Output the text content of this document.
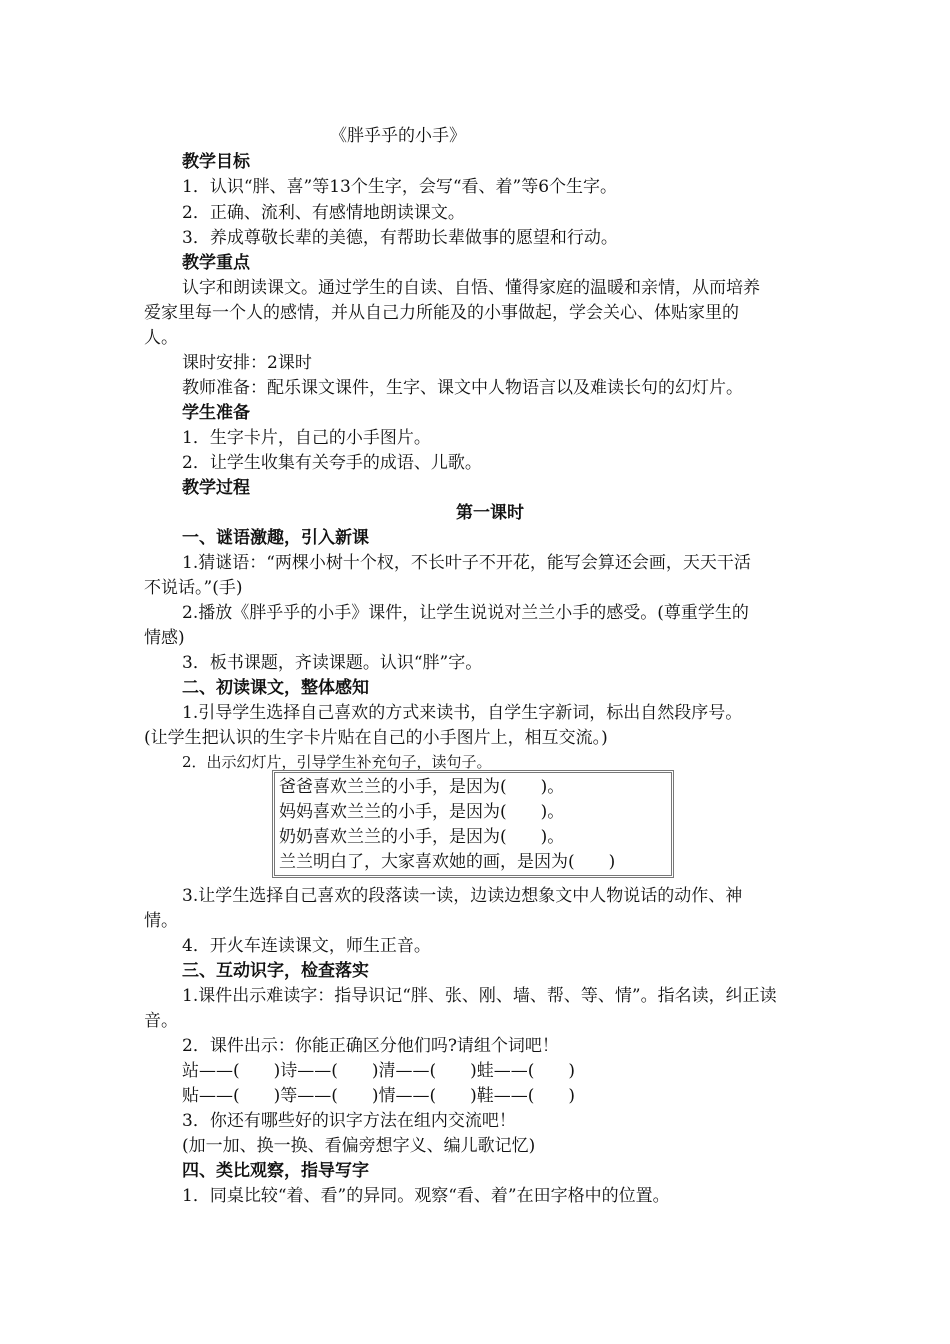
《胖乎乎的小手》
教学目标
1．认识“胖、喜”等13个生字，会写“看、着”等6个生字。
2．正确、流利、有感情地朗读课文。
3．养成尊敬长辈的美德，有帮助长辈做事的愿望和行动。
教学重点
认字和朗读课文。通过学生的自读、自悟、懂得家庭的温暖和亲情，从而培养
爱家里每一个人的感情，并从自己力所能及的小事做起，学会关心、体贴家里的
人。
课时安排：2课时
教师准备：配乐课文课件，生字、课文中人物语言以及难读长句的幻灯片。
学生准备
1．生字卡片，自己的小手图片。
2．让学生收集有关夸手的成语、儿歌。
教学过程
第一课时
一、谜语激趣，引入新课
1.猜谜语：“两棵小树十个杈，不长叶子不开花，能写会算还会画，天天干活
不说话。”(手)
2.播放《胖乎乎的小手》课件，让学生说说对兰兰小手的感受。(尊重学生的
情感)
3．板书课题，齐读课题。认识“胖”字。
二、初读课文，整体感知
1.引导学生选择自己喜欢的方式来读书，自学生字新词，标出自然段序号。
(让学生把认识的生字卡片贴在自己的小手图片上，相互交流。)
2．出示幻灯片，引导学生补充句子，读句子。
爸爸喜欢兰兰的小手，是因为(　　)。
妈妈喜欢兰兰的小手，是因为(　　)。
奶奶喜欢兰兰的小手，是因为(　　)。
兰兰明白了，大家喜欢她的画，是因为(　　)
3.让学生选择自己喜欢的段落读一读，边读边想象文中人物说话的动作、神
情。
4．开火车连读课文，师生正音。
三、互动识字，检查落实
1.课件出示难读字：指导识记“胖、张、刚、墙、帮、等、情”。指名读，纠正读
音。
2．课件出示：你能正确区分他们吗?请组个词吧！
站——(　　)诗——(　　)清——(　　)蛙——(　　)
贴——(　　)等——(　　)情——(　　)鞋——(　　)
3．你还有哪些好的识字方法在组内交流吧！
(加一加、换一换、看偏旁想字义、编儿歌记忆)
四、类比观察，指导写字
1．同桌比较“着、看”的异同。观察“看、着”在田字格中的位置。
